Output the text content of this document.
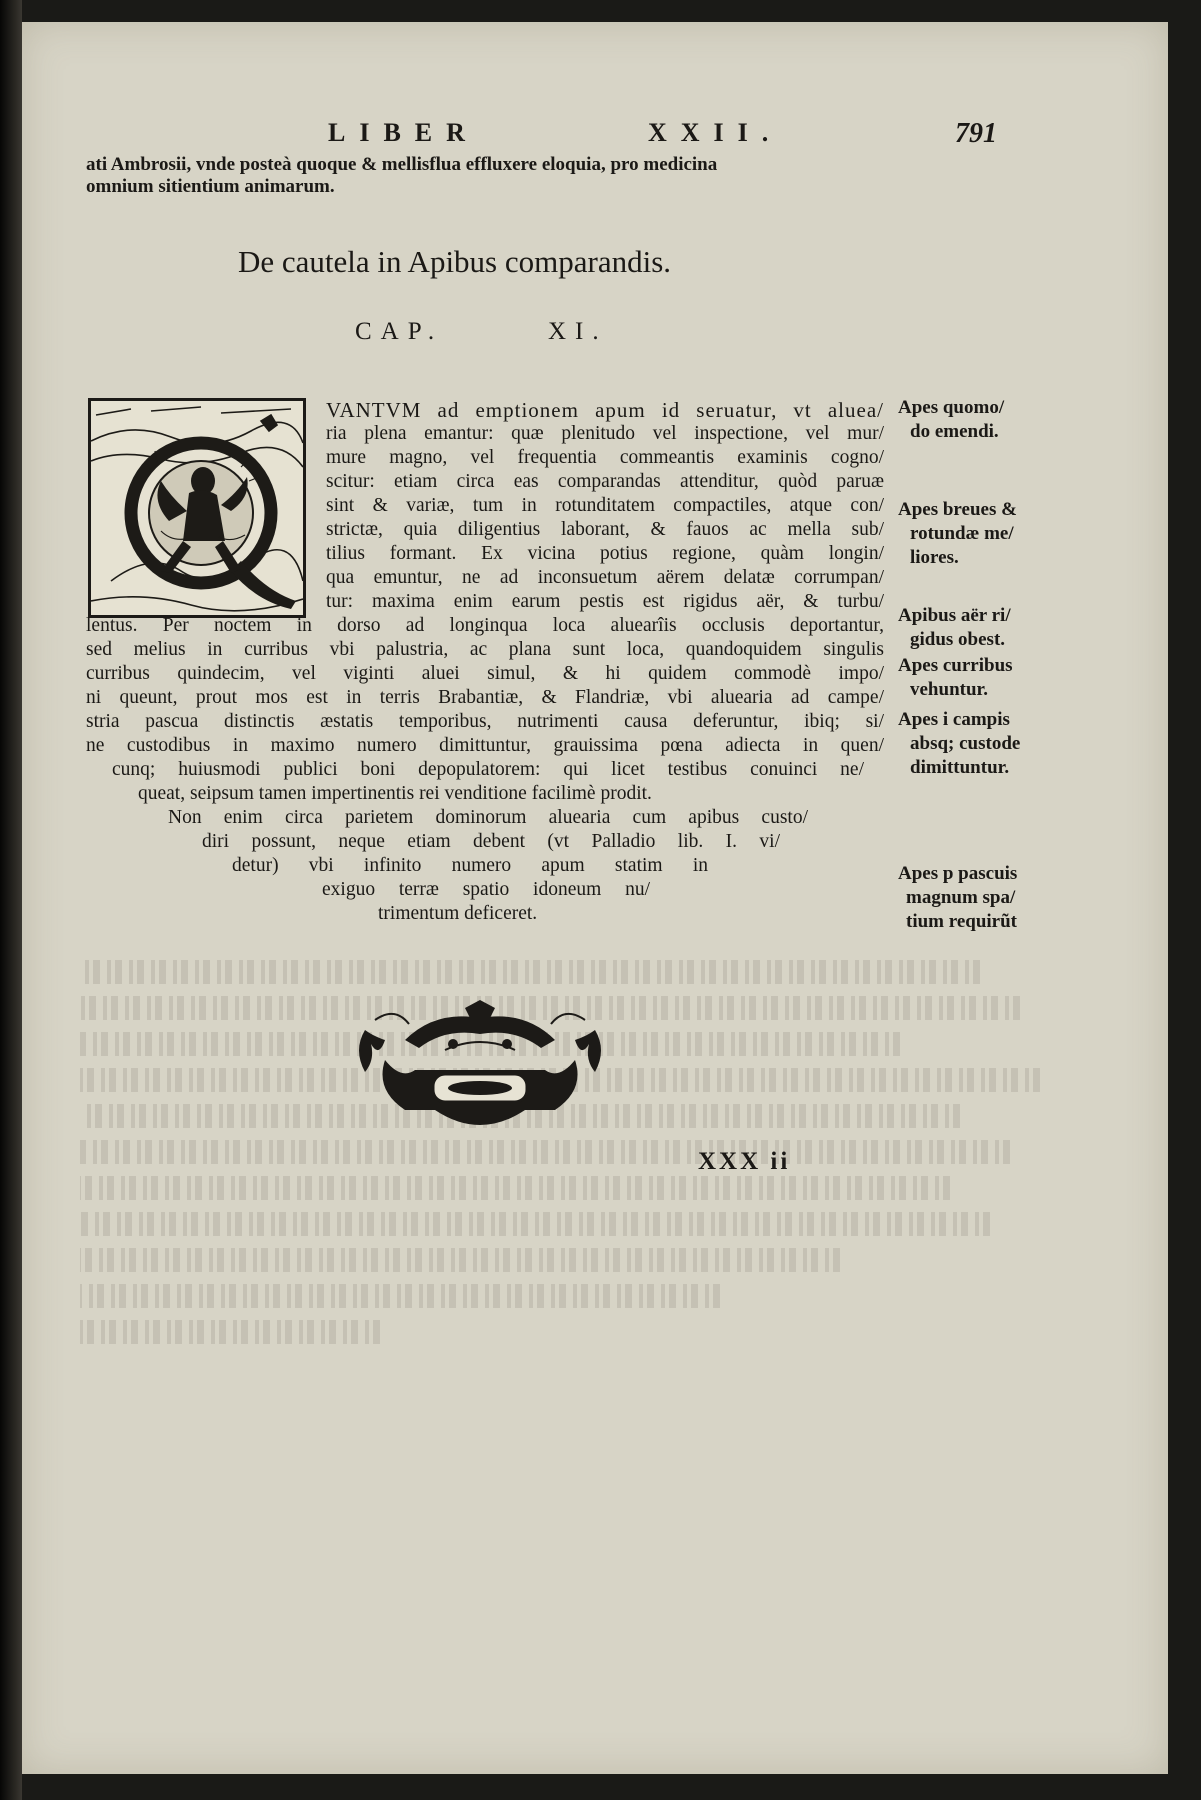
LIBER	XXII.	791
ati Ambrosii, vnde posteà quoque & mellisflua effluxere eloquia, pro medicina
omnium sitientium animarum.
De cautela in Apibus comparandis.
CAP.	XI.
VANTVM ad emptionem apum id seruatur, vt alueа/
ria plena emantur: quæ plenitudo vel inspectione, vel mur/
mure magno, vel frequentia commeantis examinis cogno/
scitur: etiam circa eas comparandas attenditur, quòd paruæ
sint & variæ, tum in rotunditatem compactiles, atque con/
strictæ, quia diligentius laborant, & fauos ac mella sub/
tilius formant. Ex vicina potius regione, quàm longin/
qua emuntur, ne ad inconsuetum aërem delatæ corrumpan/
tur: maxima enim earum pestis est rigidus aër, & turbu/
lentus. Per noctem in dorso ad longinqua loca aluearîis occlusis deportantur,
sed melius in curribus vbi palustria, ac plana sunt loca, quandoquidem singulis
curribus quindecim, vel viginti aluei simul, & hi quidem commodè impo/
ni queunt, prout mos est in terris Brabantiæ, & Flandriæ, vbi aluearia ad campe/
stria pascua distinctis æstatis temporibus, nutrimenti causa deferuntur, ibiq; si/
ne custodibus in maximo numero dimittuntur, grauissima pœna adiecta in quen/
cunq; huiusmodi publici boni depopulatorem: qui licet testibus conuinci ne/
queat, seipsum tamen impertinentis rei venditione facilimè prodit.
Non enim circa parietem dominorum aluearia cum apibus custo/
diri possunt, neque etiam debent (vt Palladio lib. I. vi/
detur) vbi infinito numero apum statim in
exiguo terræ spatio idoneum nu/
trimentum deficeret.
Apes quomo/
do emendi.
Apes breues &
rotundæ me/
liores.
Apibus aër ri/
gidus obest.
Apes curribus
vehuntur.
Apes i campis
absq; custode
dimittuntur.
Apes p pascuis
magnum spa/
tium requirũt
XXX ii
